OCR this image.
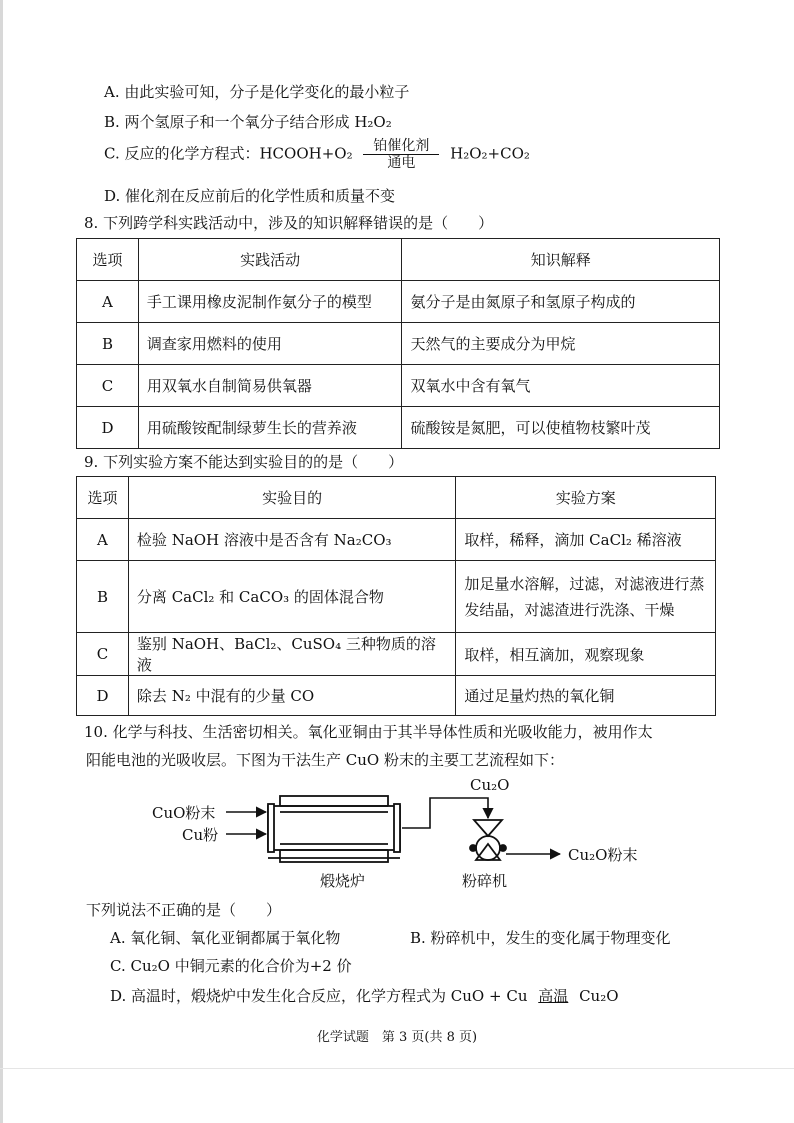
A. 由此实验可知，分子是化学变化的最小粒子
B. 两个氢原子和一个氧分子结合形成 H₂O₂
C. 反应的化学方程式：HCOOH+O₂ 铂催化剂
通电
H₂O₂+CO₂
D. 催化剂在反应前后的化学性质和质量不变
8. 下列跨学科实践活动中，涉及的知识解释错误的是（　　）
选项	实践活动	知识解释
A	手工课用橡皮泥制作氨分子的模型	氨分子是由氮原子和氢原子构成的
B	调查家用燃料的使用	天然气的主要成分为甲烷
C	用双氧水自制简易供氧器	双氧水中含有氧气
D	用硫酸铵配制绿萝生长的营养液	硫酸铵是氮肥，可以使植物枝繁叶茂
9. 下列实验方案不能达到实验目的的是（　　）
选项	实验目的	实验方案
A	检验 NaOH 溶液中是否含有 Na₂CO₃	取样，稀释，滴加 CaCl₂ 稀溶液
B	分离 CaCl₂ 和 CaCO₃ 的固体混合物	加足量水溶解，过滤，对滤液进行蒸发结晶，对滤渣进行洗涤、干燥
C	鉴别 NaOH、BaCl₂、CuSO₄ 三种物质的溶液	取样，相互滴加，观察现象
D	除去 N₂ 中混有的少量 CO	通过足量灼热的氧化铜
10. 化学与科技、生活密切相关。氧化亚铜由于其半导体性质和光吸收能力，被用作太
阳能电池的光吸收层。下图为干法生产 CuO 粉末的主要工艺流程如下：
CuO粉末
Cu粉
煅烧炉
Cu₂O
粉碎机
Cu₂O粉末
下列说法不正确的是（　　）
A. 氧化铜、氧化亚铜都属于氧化物	B. 粉碎机中，发生的变化属于物理变化
C. Cu₂O 中铜元素的化合价为+2 价
D. 高温时，煅烧炉中发生化合反应，化学方程式为 CuO + Cu 高温 Cu₂O
化学试题　第 3 页(共 8 页)
